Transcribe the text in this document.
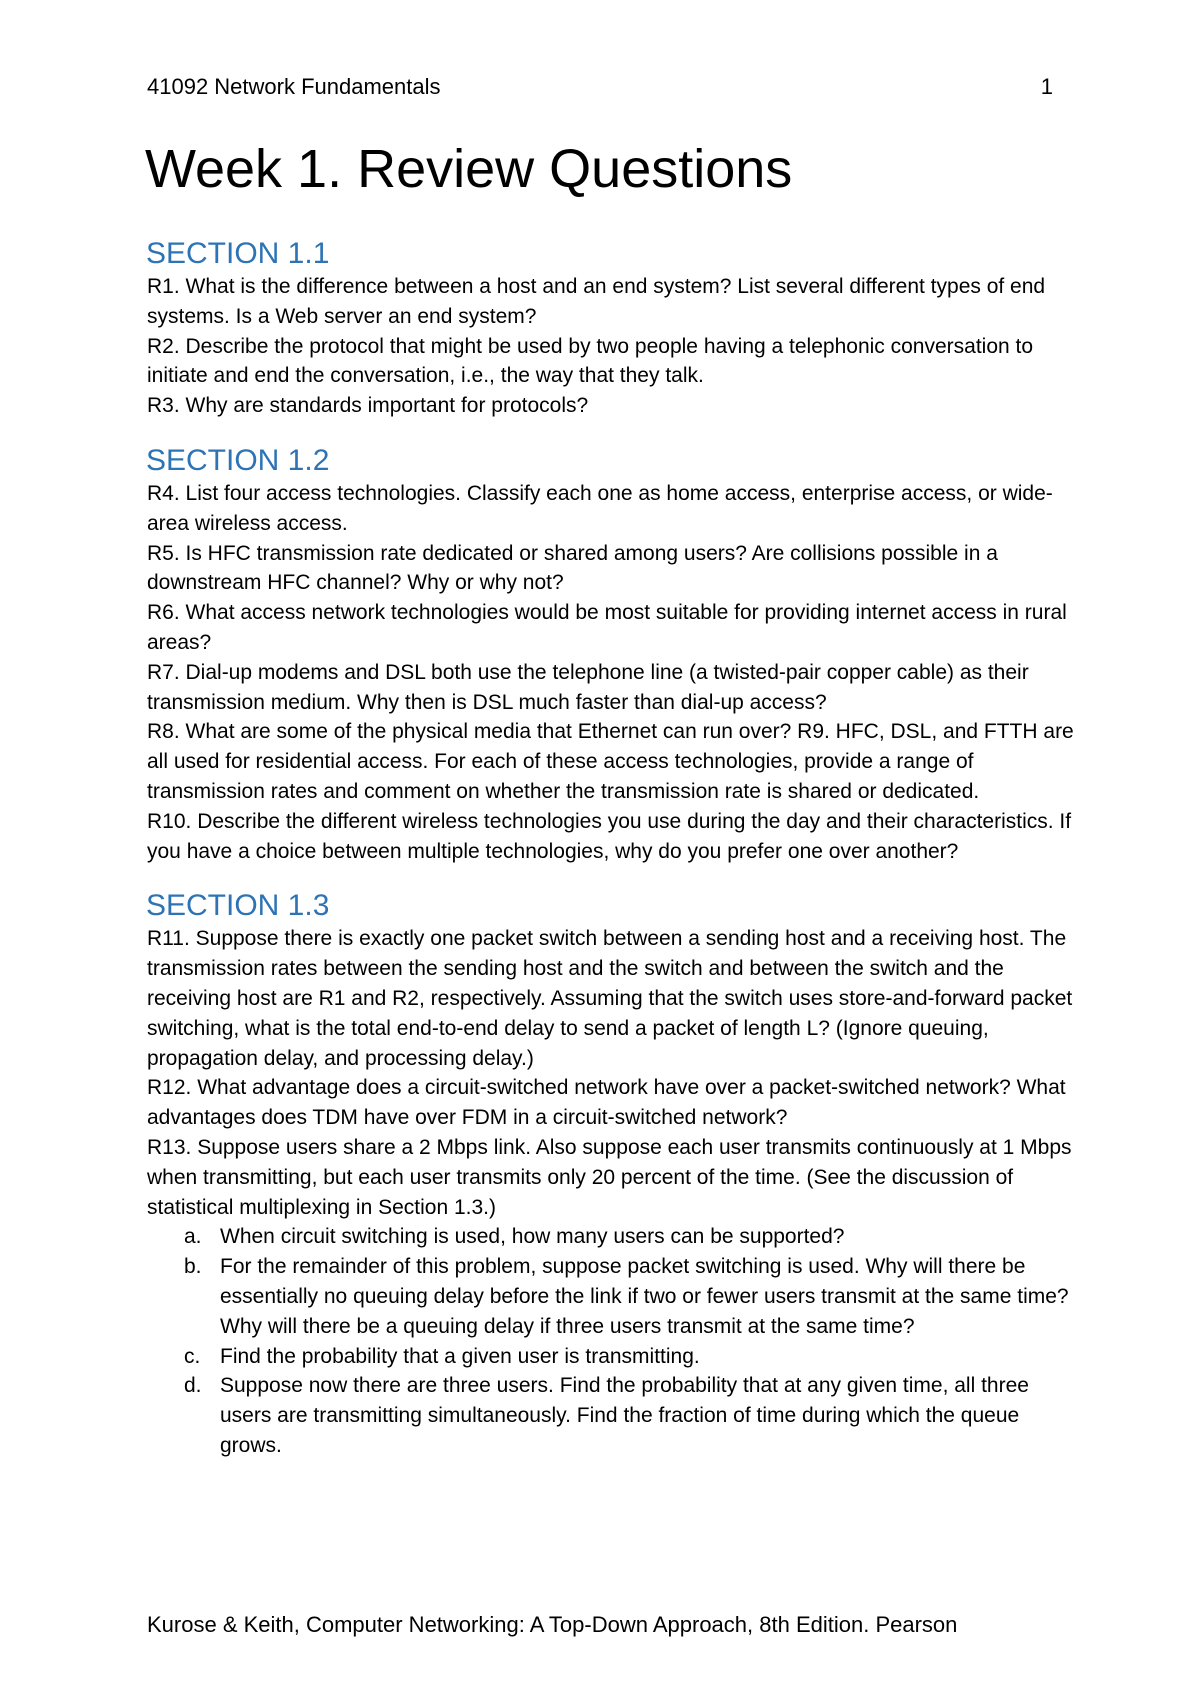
41092 Network Fundamentals	1
Week 1. Review Questions
SECTION 1.1

R1. What is the difference between a host and an end system? List several different types of end systems. Is a Web server an end system?

R2. Describe the protocol that might be used by two people having a telephonic conversation to initiate and end the conversation, i.e., the way that they talk.

R3. Why are standards important for protocols?

SECTION 1.2

R4. List four access technologies. Classify each one as home access, enterprise access, or wide-area wireless access.

R5. Is HFC transmission rate dedicated or shared among users? Are collisions possible in a downstream HFC channel? Why or why not?

R6. What access network technologies would be most suitable for providing internet access in rural areas?

R7. Dial-up modems and DSL both use the telephone line (a twisted-pair copper cable) as their transmission medium. Why then is DSL much faster than dial-up access?

R8. What are some of the physical media that Ethernet can run over? R9. HFC, DSL, and FTTH are all used for residential access. For each of these access technologies, provide a range of transmission rates and comment on whether the transmission rate is shared or dedicated.

R10. Describe the different wireless technologies you use during the day and their characteristics. If you have a choice between multiple technologies, why do you prefer one over another?

SECTION 1.3

R11. Suppose there is exactly one packet switch between a sending host and a receiving host. The transmission rates between the sending host and the switch and between the switch and the receiving host are R1 and R2, respectively. Assuming that the switch uses store-and-forward packet switching, what is the total end-to-end delay to send a packet of length L? (Ignore queuing, propagation delay, and processing delay.)

R12. What advantage does a circuit-switched network have over a packet-switched network? What advantages does TDM have over FDM in a circuit-switched network?

R13. Suppose users share a 2 Mbps link. Also suppose each user transmits continuously at 1 Mbps when transmitting, but each user transmits only 20 percent of the time. (See the discussion of statistical multiplexing in Section 1.3.)

a. When circuit switching is used, how many users can be supported?
b. For the remainder of this problem, suppose packet switching is used. Why will there be essentially no queuing delay before the link if two or fewer users transmit at the same time? Why will there be a queuing delay if three users transmit at the same time?
c. Find the probability that a given user is transmitting.
d. Suppose now there are three users. Find the probability that at any given time, all three users are transmitting simultaneously. Find the fraction of time during which the queue grows.
Kurose & Keith, Computer Networking: A Top-Down Approach, 8th Edition. Pearson
